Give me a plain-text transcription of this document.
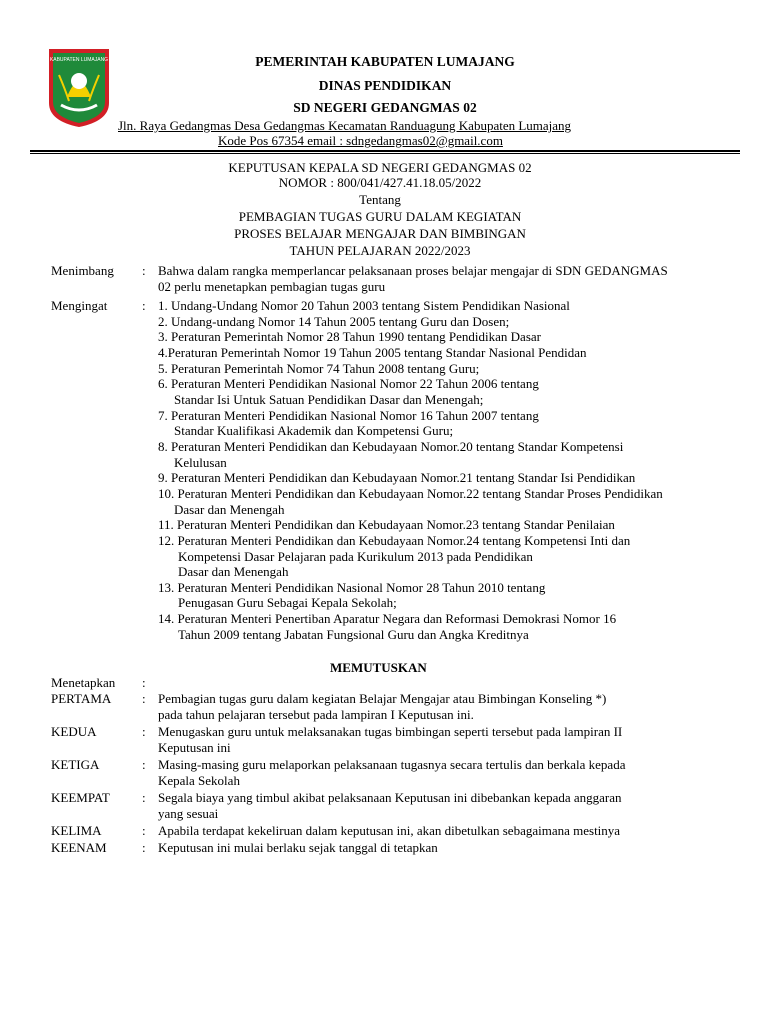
KABUPATEN LUMAJANG	PEMERINTAH KABUPATEN LUMAJANG
DINAS PENDIDIKAN
SD NEGERI GEDANGMAS 02
Jln. Raya Gedangmas Desa Gedangmas Kecamatan Randuagung Kabupaten Lumajang
Kode Pos 67354 email : sdngedangmas02@gmail.com
KEPUTUSAN KEPALA SD NEGERI GEDANGMAS 02
NOMOR : 800/041/427.41.18.05/2022
Tentang
PEMBAGIAN TUGAS GURU DALAM KEGIATAN
PROSES BELAJAR MENGAJAR DAN BIMBINGAN
TAHUN PELAJARAN 2022/2023
Menimbang : Bahwa dalam rangka memperlancar pelaksanaan proses belajar mengajar di SDN GEDANGMAS
02 perlu menetapkan pembagian tugas guru
Mengingat	: 1. Undang-Undang Nomor 20 Tahun 2003 tentang Sistem Pendidikan Nasional
2. Undang-undang Nomor 14 Tahun 2005 tentang Guru dan Dosen;
3. Peraturan Pemerintah Nomor 28 Tahun 1990 tentang Pendidikan Dasar
4.Peraturan Pemerintah Nomor 19 Tahun 2005 tentang Standar Nasional Pendidan
5. Peraturan Pemerintah Nomor 74 Tahun 2008 tentang Guru;
6. Peraturan Menteri Pendidikan Nasional Nomor 22 Tahun 2006 tentang
Standar Isi Untuk Satuan Pendidikan Dasar dan Menengah;
7. Peraturan Menteri Pendidikan Nasional Nomor 16 Tahun 2007 tentang
Standar Kualifikasi Akademik dan Kompetensi Guru;
8. Peraturan Menteri Pendidikan dan Kebudayaan Nomor.20 tentang Standar Kompetensi
Kelulusan
9. Peraturan Menteri Pendidikan dan Kebudayaan Nomor.21 tentang Standar Isi Pendidikan
10. Peraturan Menteri Pendidikan dan Kebudayaan Nomor.22 tentang Standar Proses Pendidikan
Dasar dan Menengah
11. Peraturan Menteri Pendidikan dan Kebudayaan Nomor.23 tentang Standar Penilaian
12. Peraturan Menteri Pendidikan dan Kebudayaan Nomor.24 tentang Kompetensi Inti dan
Kompetensi Dasar Pelajaran pada Kurikulum 2013 pada Pendidikan
Dasar dan Menengah
13. Peraturan Menteri Pendidikan Nasional Nomor 28 Tahun 2010 tentang
Penugasan Guru Sebagai Kepala Sekolah;
14. Peraturan Menteri Penertiban Aparatur Negara dan Reformasi Demokrasi Nomor 16
Tahun 2009 tentang Jabatan Fungsional Guru dan Angka Kreditnya
MEMUTUSKAN
Menetapkan :
PERTAMA : Pembagian tugas guru dalam kegiatan Belajar Mengajar atau Bimbingan Konseling *)
pada tahun pelajaran tersebut pada lampiran I Keputusan ini.
KEDUA	: Menugaskan guru untuk melaksanakan tugas bimbingan seperti tersebut pada lampiran II
Keputusan ini
KETIGA	: Masing-masing guru melaporkan pelaksanaan tugasnya secara tertulis dan berkala kepada
Kepala Sekolah
KEEMPAT : Segala biaya yang timbul akibat pelaksanaan Keputusan ini dibebankan kepada anggaran
yang sesuai
KELIMA	: Apabila terdapat kekeliruan dalam keputusan ini, akan dibetulkan sebagaimana mestinya
KEENAM	: Keputusan ini mulai berlaku sejak tanggal di tetapkan
